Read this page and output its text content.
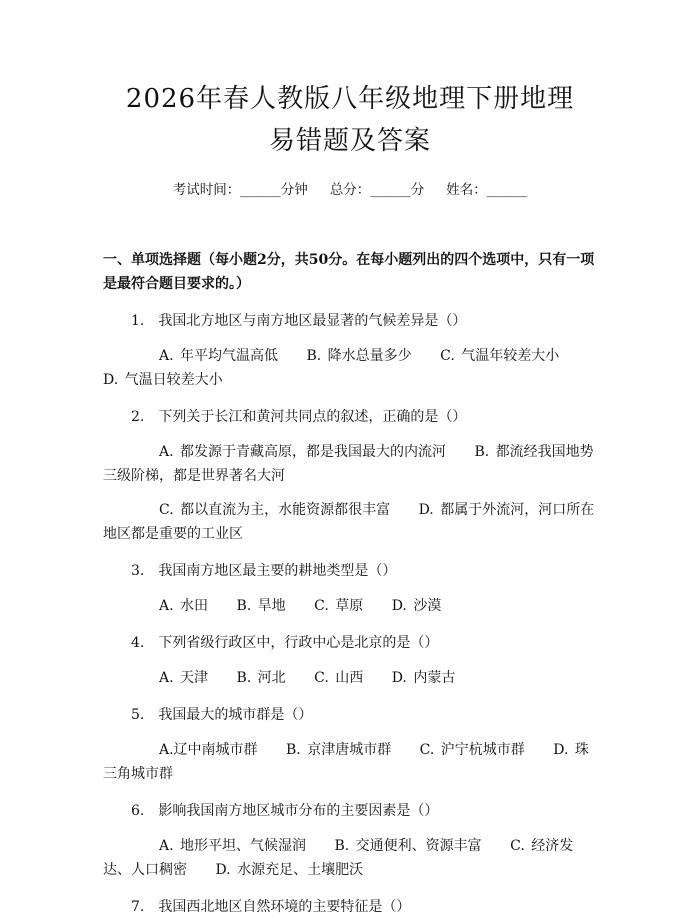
2026年春人教版八年级地理下册地理易错题及答案
考试时间：______分钟 总分：______分 姓名：______
一、单项选择题（每小题2分，共50分。在每小题列出的四个选项中，只有一项是最符合题目要求的。）
1.　我国北方地区与南方地区最显著的气候差异是（）
A. 年平均气温高低 B. 降水总量多少 C. 气温年较差大小 D. 气温日较差大小
2.　下列关于长江和黄河共同点的叙述，正确的是（）
A. 都发源于青藏高原，都是我国最大的内流河 B. 都流经我国地势三级阶梯，都是世界著名大河
C. 都以直流为主，水能资源都很丰富 D. 都属于外流河，河口所在地区都是重要的工业区
3.　我国南方地区最主要的耕地类型是（）
A. 水田 B. 旱地 C. 草原 D. 沙漠
4.　下列省级行政区中，行政中心是北京的是（）
A. 天津 B. 河北 C. 山西 D. 内蒙古
5.　我国最大的城市群是（）
A.辽中南城市群 B. 京津唐城市群 C. 沪宁杭城市群 D. 珠三角城市群
6.　影响我国南方地区城市分布的主要因素是（）
A. 地形平坦、气候湿润 B. 交通便利、资源丰富 C. 经济发达、人口稠密 D. 水源充足、土壤肥沃
7.　我国西北地区自然环境的主要特征是（）
